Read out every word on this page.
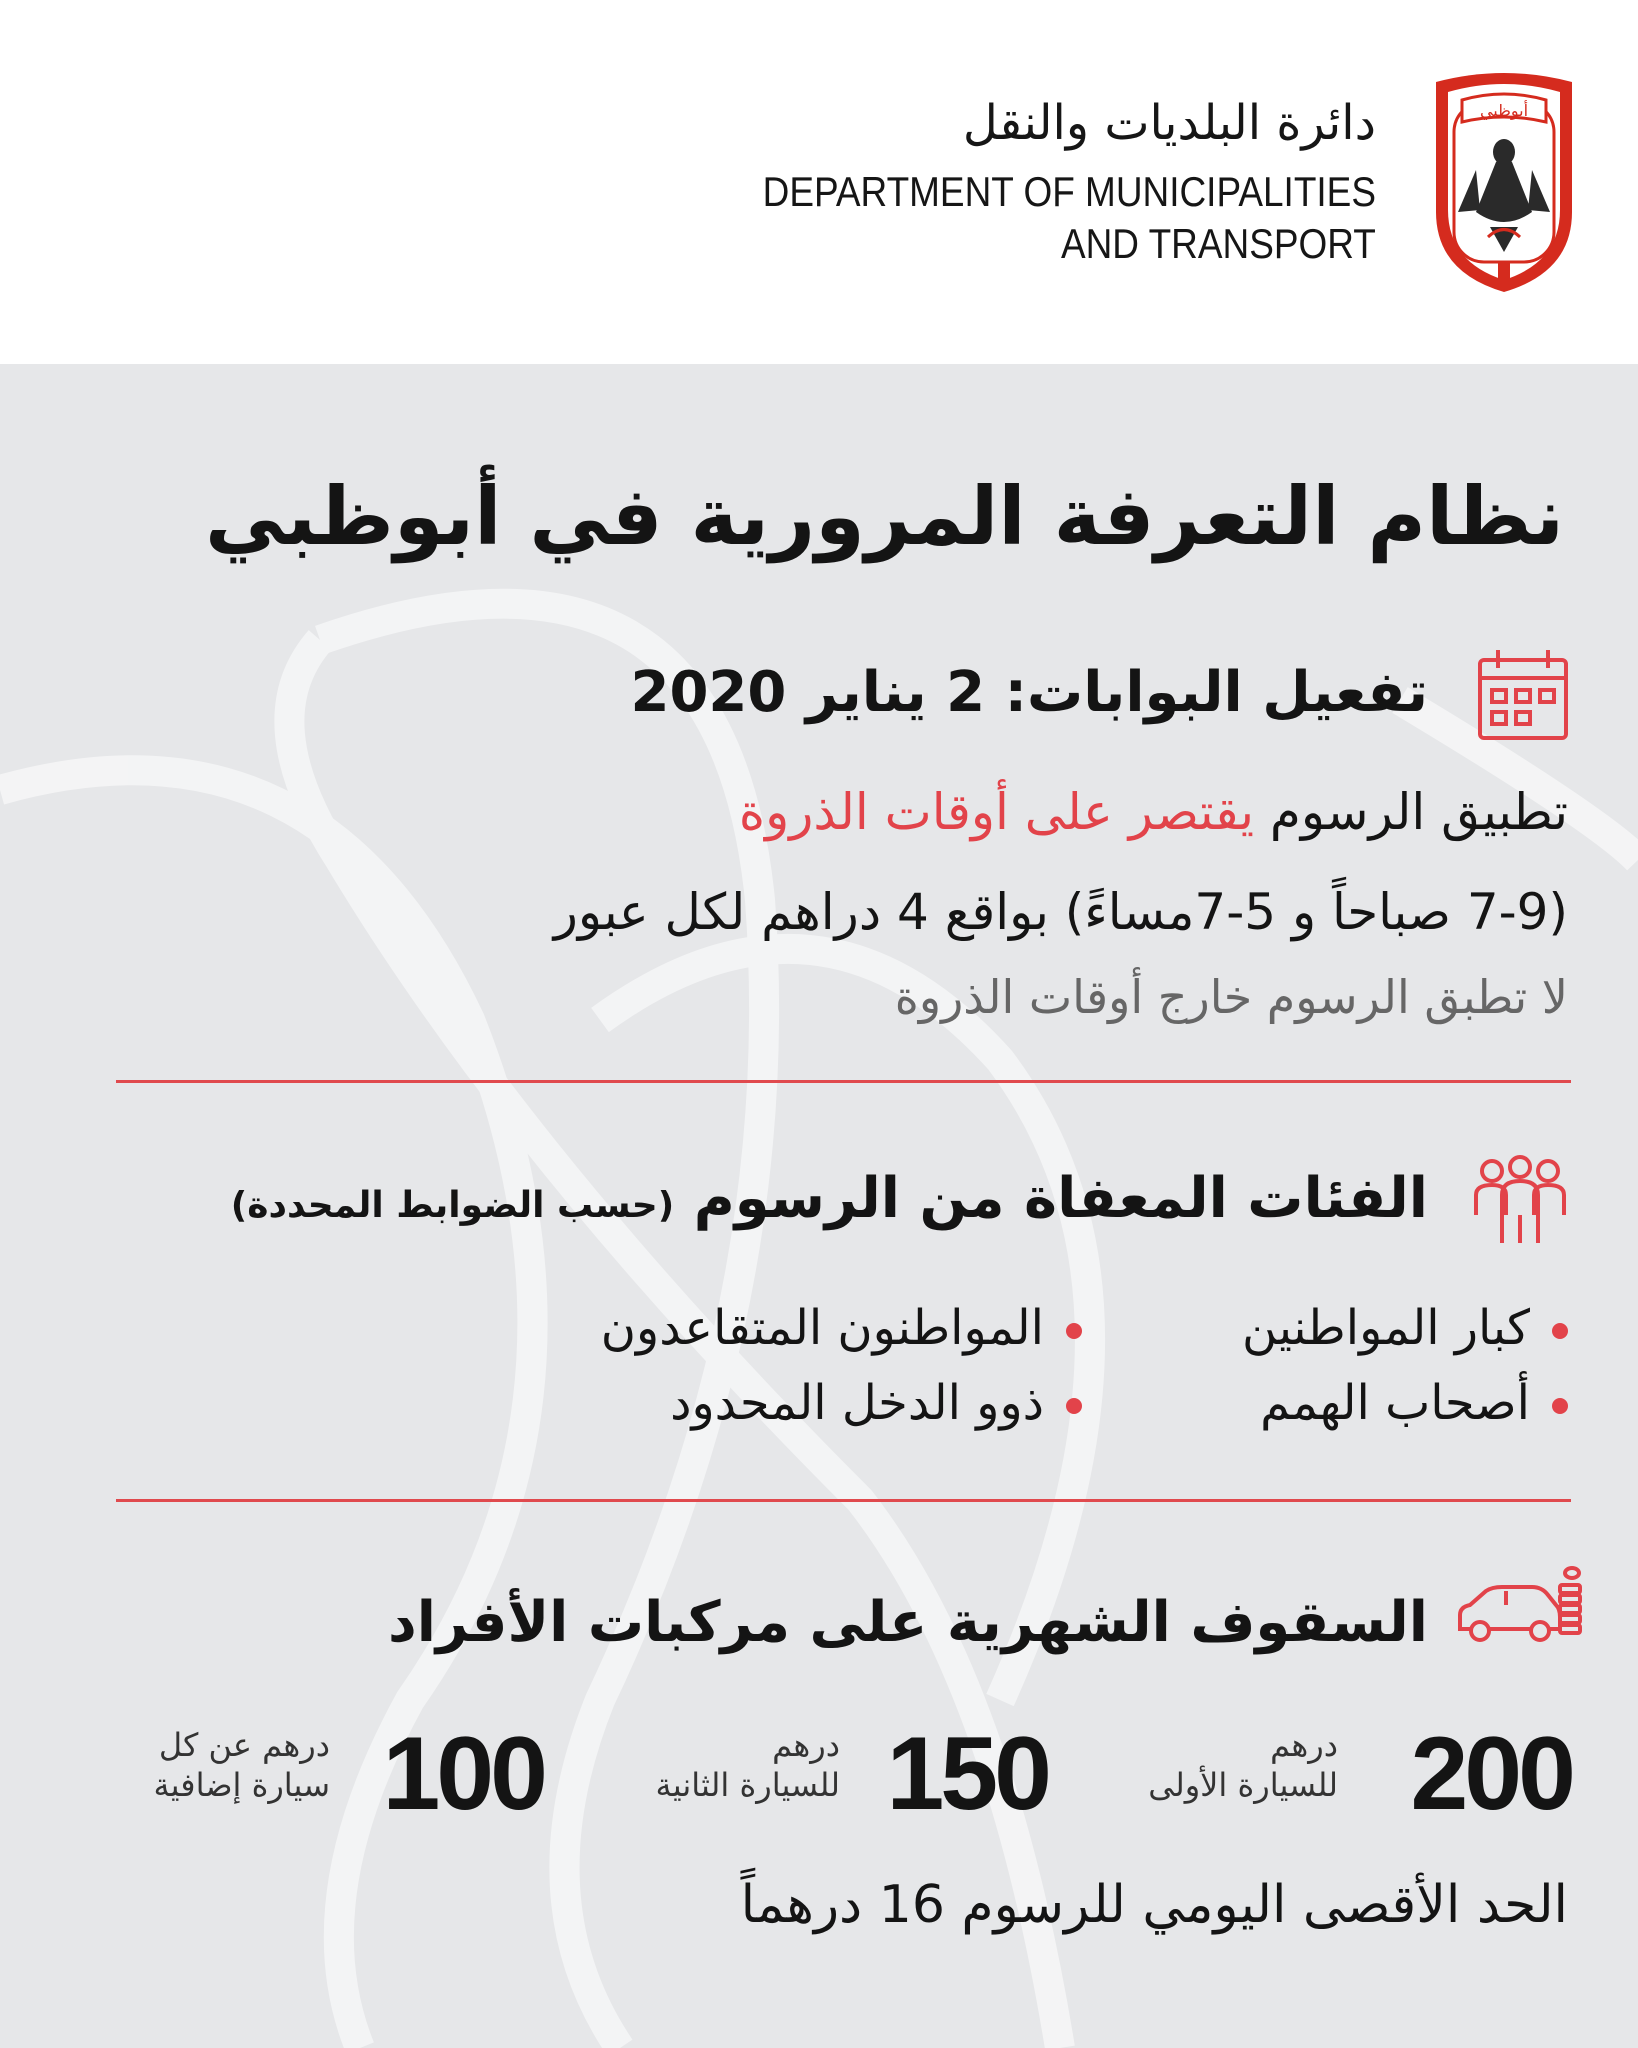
دائرة البلديات والنقل
DEPARTMENT OF MUNICIPALITIES
AND TRANSPORT
أبوظبي
نظام التعرفة المرورية في أبوظبي
تفعيل البوابات: 2 يناير 2020
تطبيق الرسوم يقتصر على أوقات الذروة
(7-9 صباحاً و 5-7مساءً) بواقع 4 دراهم لكل عبور
لا تطبق الرسوم خارج أوقات الذروة
الفئات المعفاة من الرسوم (حسب الضوابط المحددة)
كبار المواطنين
المواطنون المتقاعدون
أصحاب الهمم
ذوو الدخل المحدود
السقوف الشهرية على مركبات الأفراد
200
درهم
للسيارة الأولى
150
درهم
للسيارة الثانية
100
درهم عن كل
سيارة إضافية
الحد الأقصى اليومي للرسوم 16 درهماً
